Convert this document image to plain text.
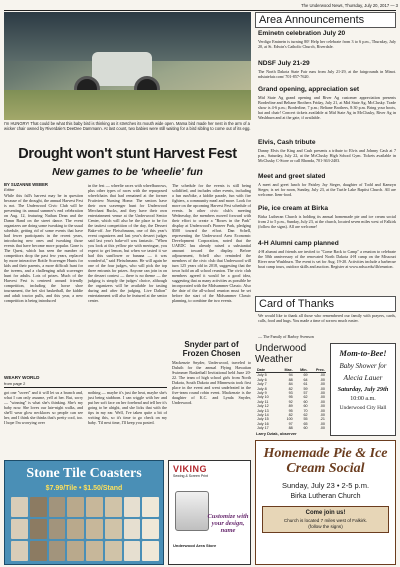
The Underwood News, Thursday, July 20, 2017 — 3
I'm HUNGRY! That could be what this baby bird is thinking as it stretches its mouth wide open. Mama bird made her nest in the arm of a wicker chair owned by Riverdale's DeeDee Dammann. At last count, two babies were still waiting for a bird sibling to come out of its egg.
Drought won't stunt Harvest Fest
New games to be 'wheelie' fun
BY SUZANNE WEBER
Editor
While this fall's harvest may be in question because of the drought, the annual Harvest Fest is not. The Underwood Civic Club will be presenting its annual summer's end celebration on Aug. 12, featuring Nathan Dean and the Damn Band on the street dance. The event organizers are doing some tweaking to the usual schedule, getting rid of some events that have had fewer participants in the recent years, introducing new ones and tweaking those events that have become more popular. Gone is The Quest, which has seen the number of competitors drop the past few years, replaced by more interactive Bottle Scavenger Hunts for kids and their parents, a more difficult hunt for the tweens, and a challenging adult scavenger hunt for adults. Lots of prizes. Much of the Harvest Fest is centered around friendly competition, including the horse shoe tournament, the bet slot basketball, the kiddie and adult tractor pulls, and this year, a new competition is being introduced
in the fest — wheelie races with wheelbarrows, plus other types of races with the repurposed wheelchairs that had remained at the former Fruitview Nursing Home. The seniors have their own scavenger hunt for Underwood Merchant Bucks, and they have their own entertainment venue at the Underwood Senior Center, which will also be the place to be for the tastiest competition of the day, the Dessert Bake-off. Joe Fleischmann, one of this year's event organizers and last year's dessert judges said last year's bake-off was fantastic. "When you look at this yellow pie with meringue, you expect to get lemon, but when we tasted it we had this sunflower or banana — it was wonderful," said Fleischmann. He will again be one of the four judges, who will pick the top three entrants for prizes. Anyone can join in on the dessert contest — there is no theme — the judging is simply the judges' choice, although the organizers will be available for tasting during and after the judging. Live Dalton" entertainment will also be featured at the senior center.
The schedule for the events is still being solidified, and includes other events, including a fun run/bike, a kiddie parade, fun with fire fighters, a community meal and more. Look for more on the upcoming Harvest Fest schedule of events. In other civic club's meeting Wednesday, the members moved forward with their effort to create a "Boxes in the Park" display at Underwood's Pioneer Park, pledging $500 toward the effort. Dan Schell, representing the Underwood Area Economic Development Corporation, noted that the UAEDC has already raised a substantial amount toward the display. Before adjournment, Schell also reminded the members of the civic club that Underwood will turn 125 years old in 2018, suggesting that the town hold an all school reunion. The civic club members agreed it would be a good idea, suggesting that as many activities as possible be incorporated with the Midsummer Classic. Also the date of the all-school reunion must be set before the start of the Midsummer Classic planning, to combine the two events.
Snyder part of Frozen Chosen
Mackenzie Snyder, Underwood, traveled to Duluth for the annual Flying Hawaiian Swimmer Basketball Invitational held June 20-22. The team of high school girls from North Dakota, South Dakota and Minnesota took first place in the event and went undefeated in the five-team round robin event. Mackenzie is the daughter of K.C. and Lynda Snyder, Underwood.
WEARY WORLD
from page 2
got one "sweet" and it will let us a branch and, what I can only assume, yell at her. But, sorry — "winning" is what she's thinking. She's my baby now. She loves our late-night walks, and she'll wear glow necklaces so people can see her, and I think she thinks that's pretty cool, too. I hope I'm worrying over
nothing — maybe it's just the heat, maybe she's just being stubborn. I can wiggle with her and put her soft face on her forehead and tell her it's going to be alright, and she licks that with the tips in my ear. Well, I've taken quite a bit of writing this, so it's time to go check on my baby. 'Til next time, I'll keep you posted.
Stone Tile Coasters
$7.99/Tile • $1.50/Stand
VIKING
Sewing & Screen Print
Customize with your design, name
Underwood Area Store
Area Announcements
Eminetn celebration July 20
Verdigo Eminetn is turning 80! Help her celebrate from 3 to 6 p.m., Thursday, July 20, at St. Edwin's Catholic Church, Riverdale.
NDSF July 21-29
The North Dakota State Fair runs from July 21-29, at the fairgrounds in Minot. ndstatefair.com/ 701-857-7620.
Grand opening, appreciation set
Mid State Ag grand opening and River Ag customer appreciation presents Borderline and Beltane Brothers Friday, July 21, at Mid State Ag, McClusky. Trade show is 4-6 p.m.; Borderline, 7 p.m.; Beltane Brothers, 8:30 p.m. Bring your boots, hat and chair! Concert tickets available at Mid State Ag in McClusky, River Ag in Washburn and at the gate, if available.
Elvis, Cash tribute
Danny Elvis the King and Cash presents a tribute to Elvis and Johnny Cash at 7 p.m., Saturday, July 22, at the McClusky High School Gym. Tickets available in McClusky C-Store or call Rhonda, 701-363-2403.
Meet and greet slated
A meet and greet lunch for Paisley Jay Sieger, daughter of Todd and Kamryn Sieger, is set for noon, Sunday, July 23, at the Turtle Lake Baptist Church. All are welcome. Item-food.
Pie, ice cream at Birka
Birka Lutheran Church is holding its annual homemade pie and ice cream social from 2 to 5 p.m., Sunday, July 23, at the church, located seven miles west of Falkirk (follow the signs). All are welcome!
4-H Alumni camp planned
4-H alumni and friends are invited to "Come Back to Camp" a reunion to celebrate the 50th anniversary of the renovated North Dakota 4-H camp on the Missouri River near Washburn. The event is set for Aug. 19-20. Activities include a barbecue boat camp tours, outdoor skills and auction. Register at www.ndsu.edu/4h/reunion.
Card of Thanks
We would like to thank all those who remembered our family with prayers, cards, calls, food and hugs. You made a time of sorrow much easier.
— The Family of Barbry Svenson
Underwood Weather
Date	Max.	Min.	Prec.
July 5	94	69	.00
July 6	88	64	.00
July 7	84	61	.00
July 8	82	59	.00
July 9	93	57	.00
July 10	95	62	.00
July 11	92	60	.00
July 12	89	60	.00
July 13	95	70	.00
July 14	82	62	.00
July 15	100	55	.21
July 16	97	65	.00
July 17	88	60	.00
Larry Dziak, observer
Mom-to-Bee!
Baby Shower for
Alecia Lauer
Saturday, July 29th
10:00 a.m.
Underwood City Hall
Homemade Pie & Ice Cream Social
Sunday, July 23 • 2-5 p.m.
Birka Lutheran Church
Come join us!
Church is located 7 miles west of Falkirk.
(follow the signs)
